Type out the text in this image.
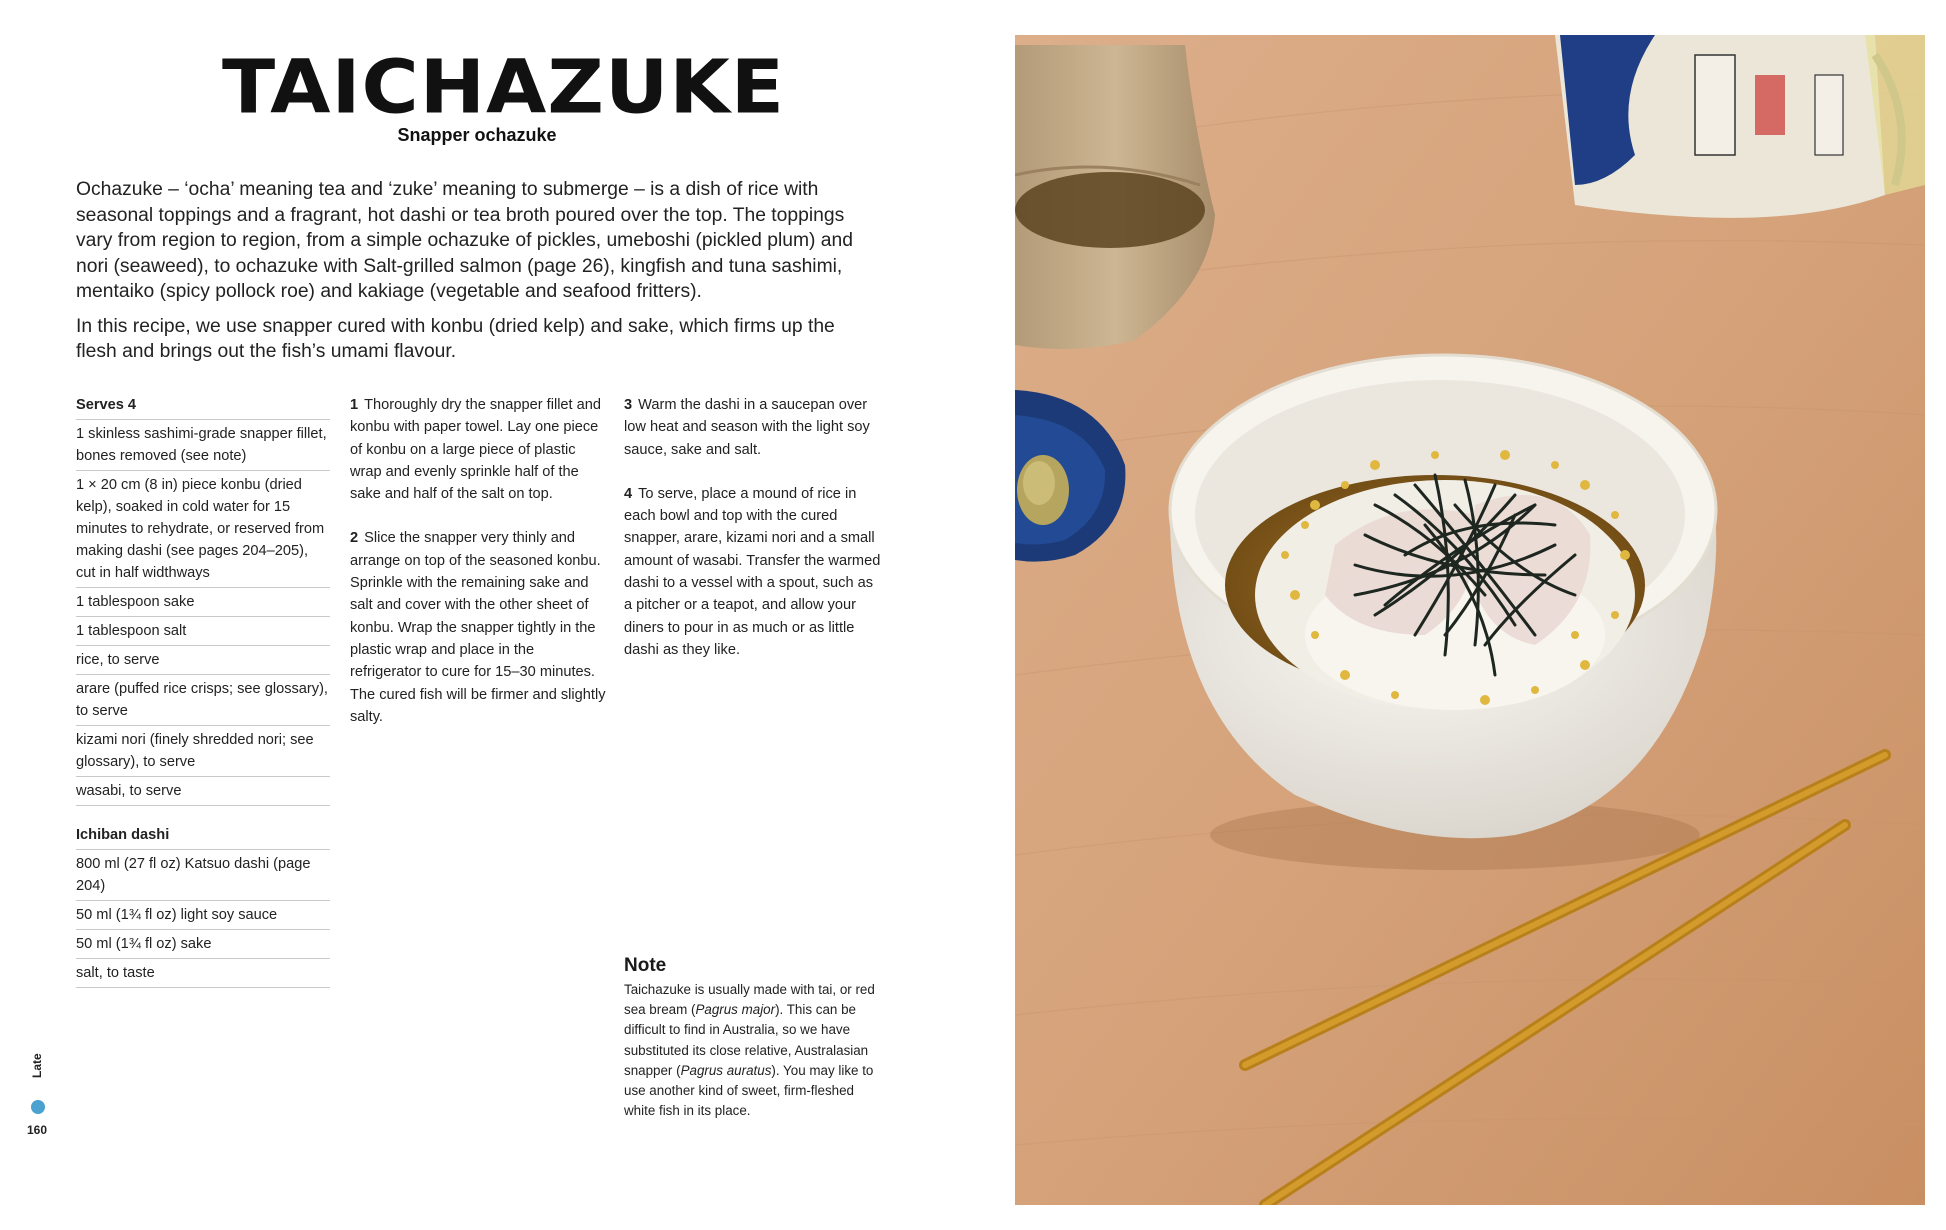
TAICHAZUKE
Snapper ochazuke

Ochazuke – ‘ocha’ meaning tea and ‘zuke’ meaning to submerge – is a dish of rice with seasonal toppings and a fragrant, hot dashi or tea broth poured over the top. The toppings vary from region to region, from a simple ochazuke of pickles, umeboshi (pickled plum) and nori (seaweed), to ochazuke with Salt-grilled salmon (page 26), kingfish and tuna sashimi, mentaiko (spicy pollock roe) and kakiage (vegetable and seafood fritters).

In this recipe, we use snapper cured with konbu (dried kelp) and sake, which firms up the flesh and brings out the fish’s umami flavour.

Serves 4
1 skinless sashimi-grade snapper fillet, bones removed (see note)
1 × 20 cm (8 in) piece konbu (dried kelp), soaked in cold water for 15 minutes to rehydrate, or reserved from making dashi (see pages 204–205), cut in half widthways
1 tablespoon sake
1 tablespoon salt
rice, to serve
arare (puffed rice crisps; see glossary), to serve
kizami nori (finely shredded nori; see glossary), to serve
wasabi, to serve
Ichiban dashi
800 ml (27 fl oz) Katsuo dashi (page 204)
50 ml (1¾ fl oz) light soy sauce
50 ml (1¾ fl oz) sake
salt, to taste
1 Thoroughly dry the snapper fillet and konbu with paper towel. Lay one piece of konbu on a large piece of plastic wrap and evenly sprinkle half of the sake and half of the salt on top.
2 Slice the snapper very thinly and arrange on top of the seasoned konbu. Sprinkle with the remaining sake and salt and cover with the other sheet of konbu. Wrap the snapper tightly in the plastic wrap and place in the refrigerator to cure for 15–30 minutes. The cured fish will be firmer and slightly salty.
3 Warm the dashi in a saucepan over low heat and season with the light soy sauce, sake and salt.
4 To serve, place a mound of rice in each bowl and top with the cured snapper, arare, kizami nori and a small amount of wasabi. Transfer the warmed dashi to a vessel with a spout, such as a pitcher or a teapot, and allow your diners to pour in as much or as little dashi as they like.
Note
Taichazuke is usually made with tai, or red sea bream (Pagrus major). This can be difficult to find in Australia, so we have substituted its close relative, Australasian snapper (Pagrus auratus). You may like to use another kind of sweet, firm-fleshed white fish in its place.
Late
160
